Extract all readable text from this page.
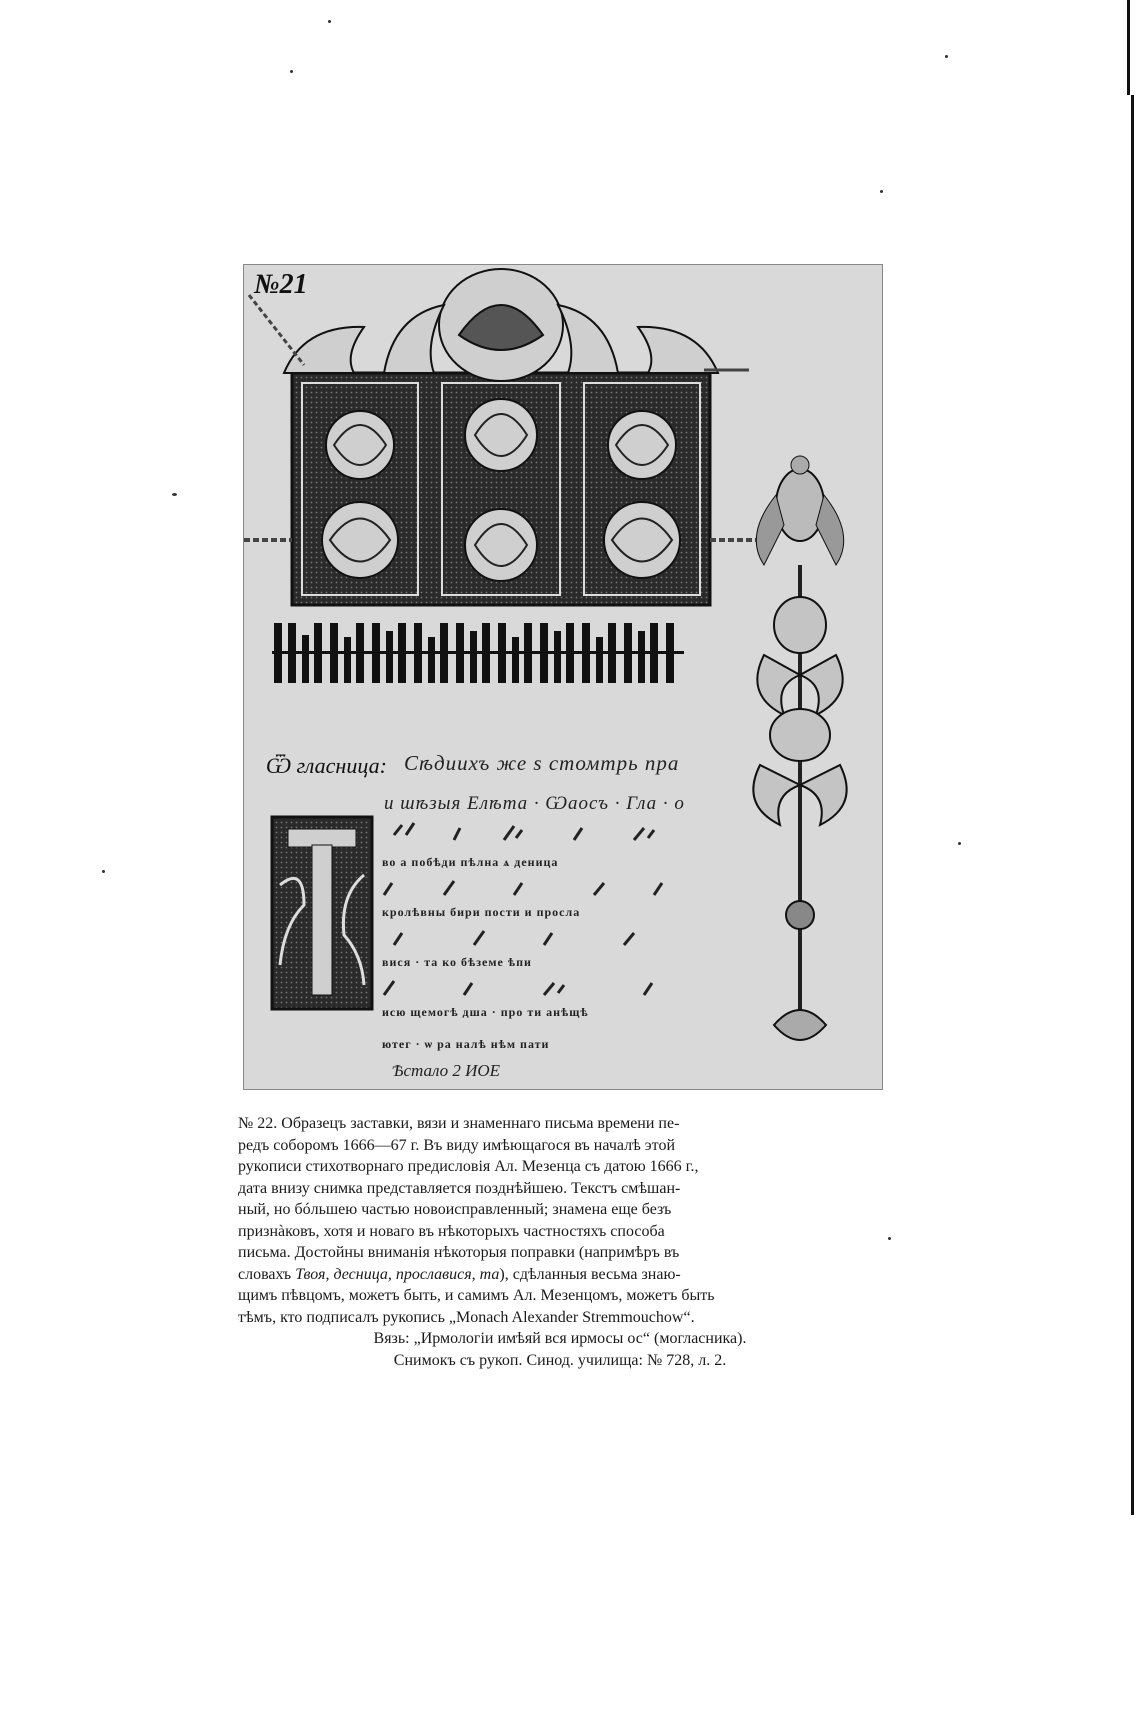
№21
Ѿ гласница: Сѣдиихъ же ѕ стомтрь пра
и шѣзыя Елѣта · Ѡаосъ · Гла · о
во а побѣди пѣлна ѧ деница
кролѣвны бири пости и просла
вися · та ко бѣземе ѣпи
исю щемогѣ дша · про ти анѣщѣ
ютег · ѡ ра налѣ нѣм пати
Ѣстало 2 ИОЕ

№ 22. Образецъ заставки, вязи и знаменнаго письма времени пе-

редъ соборомъ 1666—67 г. Въ виду имѣющагося въ началѣ этой

рукописи стихотворнаго предисловія Ал. Мезенца съ датою 1666 г.,

дата внизу снимка представляется позднѣйшею. Текстъ смѣшан-

ный, но бóльшею частью новоисправленный; знамена еще безъ

признàковъ, хотя и новаго въ нѣкоторыхъ частностяхъ способа

письма. Достойны вниманія нѣкоторыя поправки (напримѣръ въ

словахъ Твоя, десница, прославися, та), сдѣланныя весьма знаю-

щимъ пѣвцомъ, можетъ быть, и самимъ Ал. Мезенцомъ, можетъ быть

тѣмъ, кто подписалъ рукопись „Monach Alexander Stremmouchow“.

Вязь: „Ирмологіи имѣяй вся ирмосы ос“ (могласника).

Снимокъ съ рукоп. Синод. училища: № 728, л. 2.
